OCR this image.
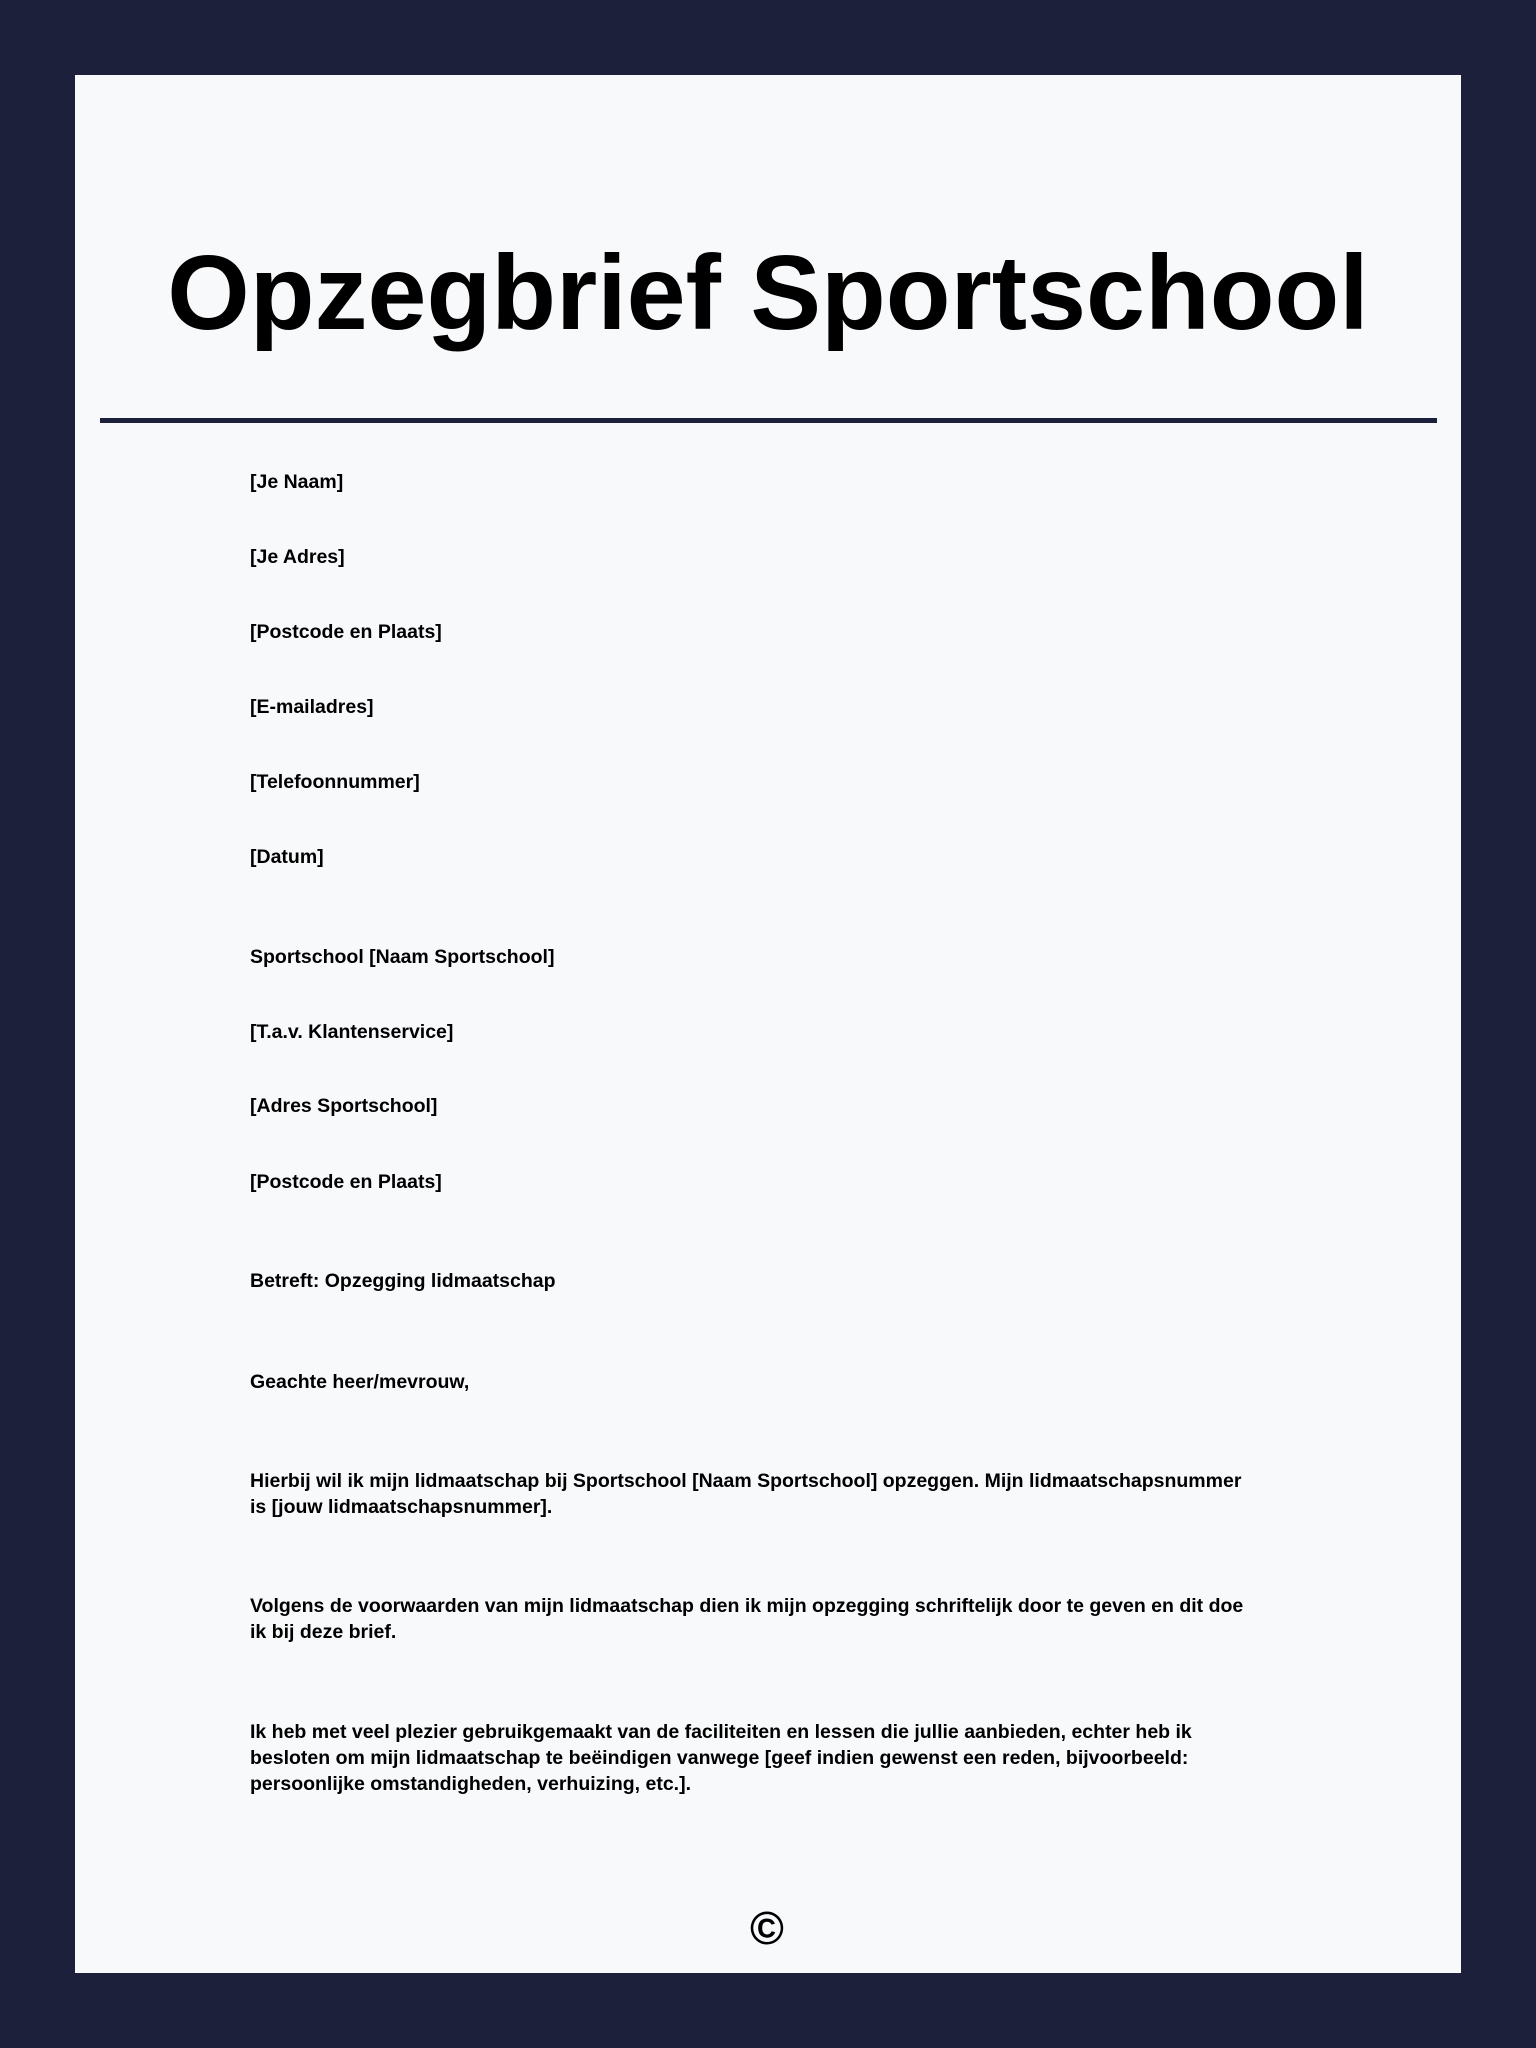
Opzegbrief Sportschool
[Je Naam]
[Je Adres]
[Postcode en Plaats]
[E-mailadres]
[Telefoonnummer]
[Datum]
Sportschool [Naam Sportschool]
[T.a.v. Klantenservice]
[Adres Sportschool]
[Postcode en Plaats]
Betreft: Opzegging lidmaatschap
Geachte heer/mevrouw,
Hierbij wil ik mijn lidmaatschap bij Sportschool [Naam Sportschool] opzeggen. Mijn lidmaatschapsnummer
is [jouw lidmaatschapsnummer].
Volgens de voorwaarden van mijn lidmaatschap dien ik mijn opzegging schriftelijk door te geven en dit doe
ik bij deze brief.
Ik heb met veel plezier gebruikgemaakt van de faciliteiten en lessen die jullie aanbieden, echter heb ik
besloten om mijn lidmaatschap te beëindigen vanwege [geef indien gewenst een reden, bijvoorbeeld:
persoonlijke omstandigheden, verhuizing, etc.].
©
